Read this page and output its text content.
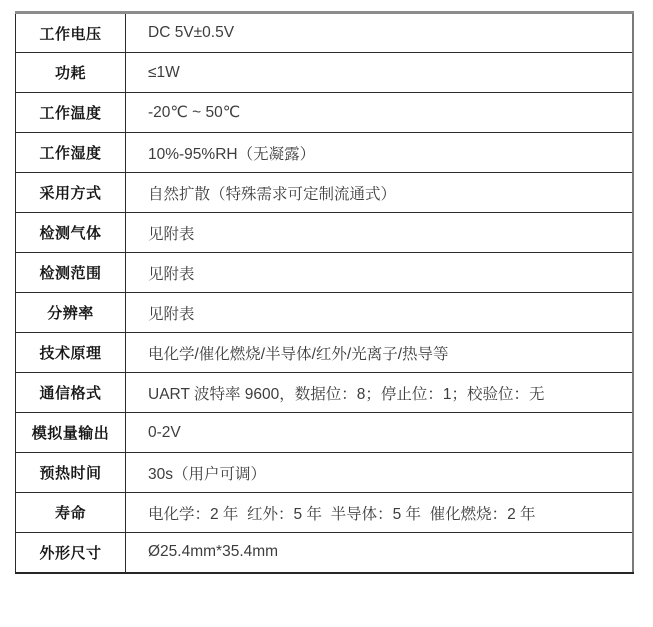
工作电压	DC 5V±0.5V
功耗	≤1W
工作温度	-20℃ ~ 50℃
工作湿度	10%-95%RH（无凝露）
采用方式	自然扩散（特殊需求可定制流通式）
检测气体	见附表
检测范围	见附表
分辨率	见附表
技术原理	电化学/催化燃烧/半导体/红外/光离子/热导等
通信格式	UART 波特率 9600，数据位：8；停止位：1；校验位：无
模拟量输出	0-2V
预热时间	30s（用户可调）
寿命	电化学：2 年  红外：5 年  半导体：5 年  催化燃烧：2 年
外形尺寸	Ø25.4mm*35.4mm
